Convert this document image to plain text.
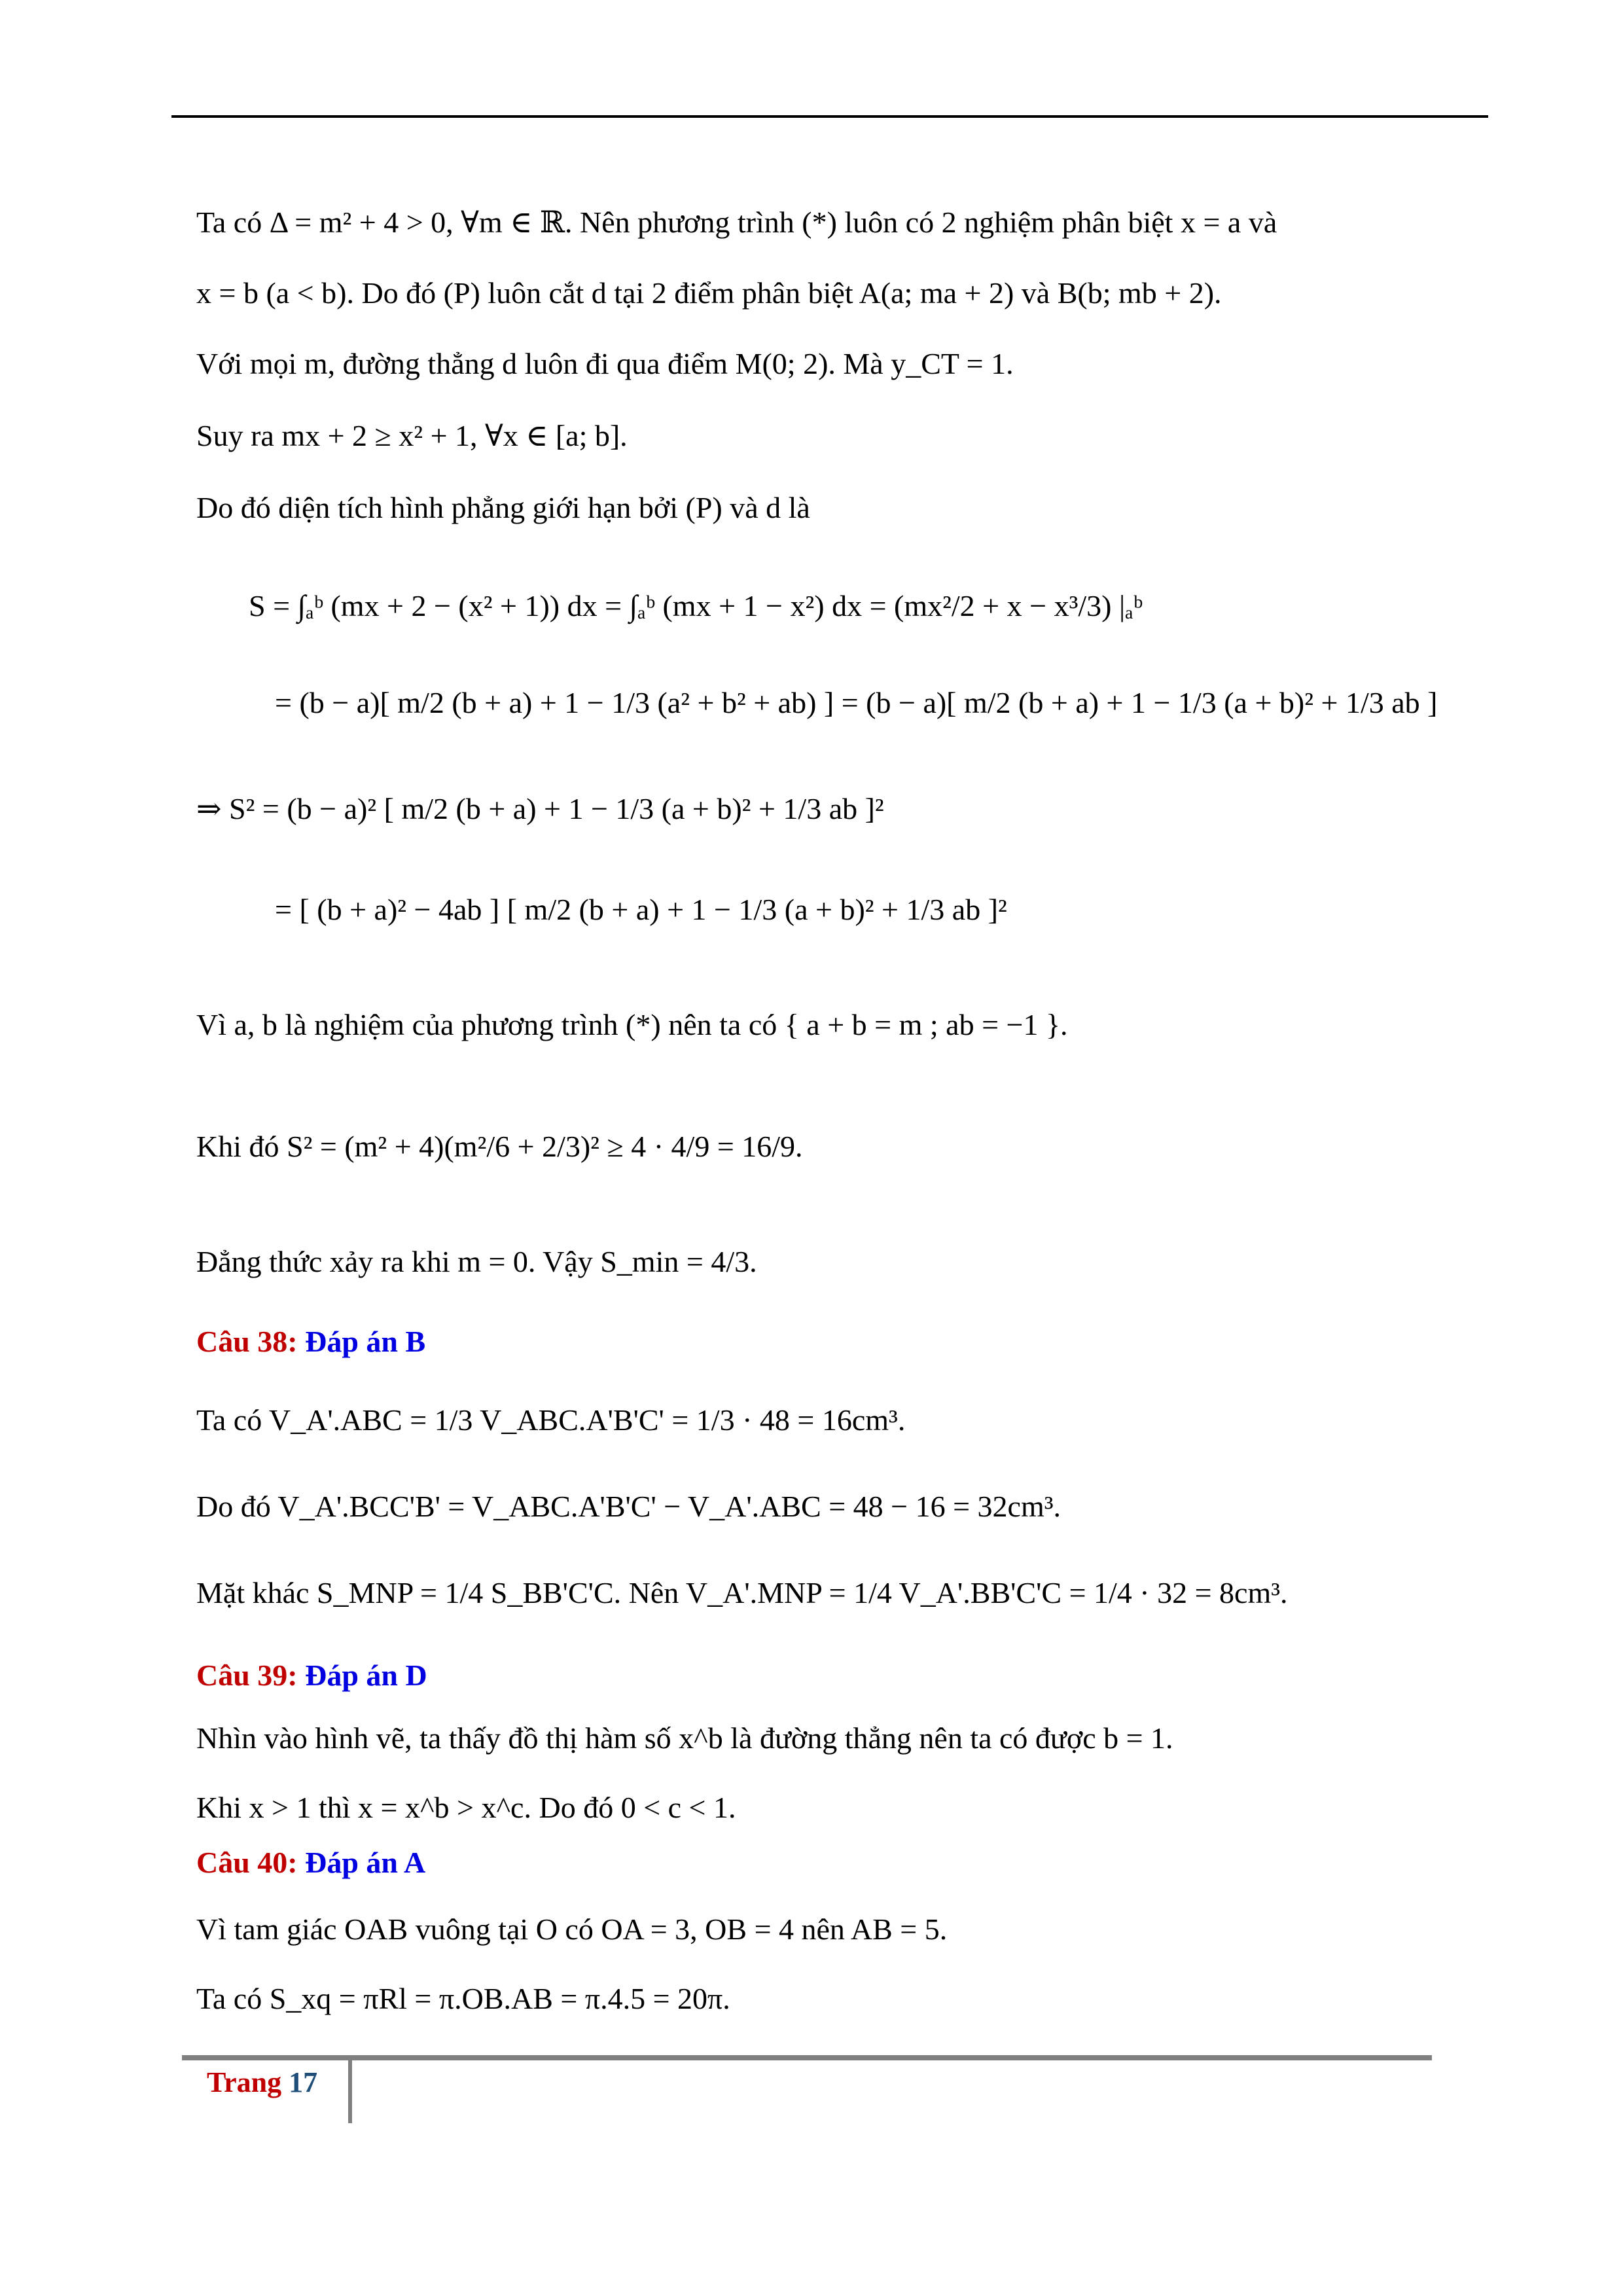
Ta có Δ = m² + 4 > 0, ∀m ∈ ℝ. Nên phương trình (*) luôn có 2 nghiệm phân biệt x = a và
x = b (a < b). Do đó (P) luôn cắt d tại 2 điểm phân biệt A(a; ma + 2) và B(b; mb + 2).
Với mọi m, đường thẳng d luôn đi qua điểm M(0; 2). Mà y_CT = 1.
Suy ra mx + 2 ≥ x² + 1, ∀x ∈ [a; b].
Do đó diện tích hình phẳng giới hạn bởi (P) và d là
S = ∫ₐᵇ (mx + 2 − (x² + 1)) dx = ∫ₐᵇ (mx + 1 − x²) dx = (mx²/2 + x − x³/3) |ₐᵇ
= (b − a)[ m/2 (b + a) + 1 − 1/3 (a² + b² + ab) ] = (b − a)[ m/2 (b + a) + 1 − 1/3 (a + b)² + 1/3 ab ]
⇒ S² = (b − a)² [ m/2 (b + a) + 1 − 1/3 (a + b)² + 1/3 ab ]²
= [ (b + a)² − 4ab ] [ m/2 (b + a) + 1 − 1/3 (a + b)² + 1/3 ab ]²
Vì a, b là nghiệm của phương trình (*) nên ta có { a + b = m ; ab = −1 }.
Khi đó S² = (m² + 4)(m²/6 + 2/3)² ≥ 4 · 4/9 = 16/9.
Đẳng thức xảy ra khi m = 0. Vậy S_min = 4/3.
Câu 38: Đáp án B
Ta có V_A'.ABC = 1/3 V_ABC.A'B'C' = 1/3 · 48 = 16cm³.
Do đó V_A'.BCC'B' = V_ABC.A'B'C' − V_A'.ABC = 48 − 16 = 32cm³.
Mặt khác S_MNP = 1/4 S_BB'C'C. Nên V_A'.MNP = 1/4 V_A'.BB'C'C = 1/4 · 32 = 8cm³.
Câu 39: Đáp án D
Nhìn vào hình vẽ, ta thấy đồ thị hàm số x^b là đường thẳng nên ta có được b = 1.
Khi x > 1 thì x = x^b > x^c. Do đó 0 < c < 1.
Câu 40: Đáp án A
Vì tam giác OAB vuông tại O có OA = 3, OB = 4 nên AB = 5.
Ta có S_xq = πRl = π.OB.AB = π.4.5 = 20π.
Trang 17
